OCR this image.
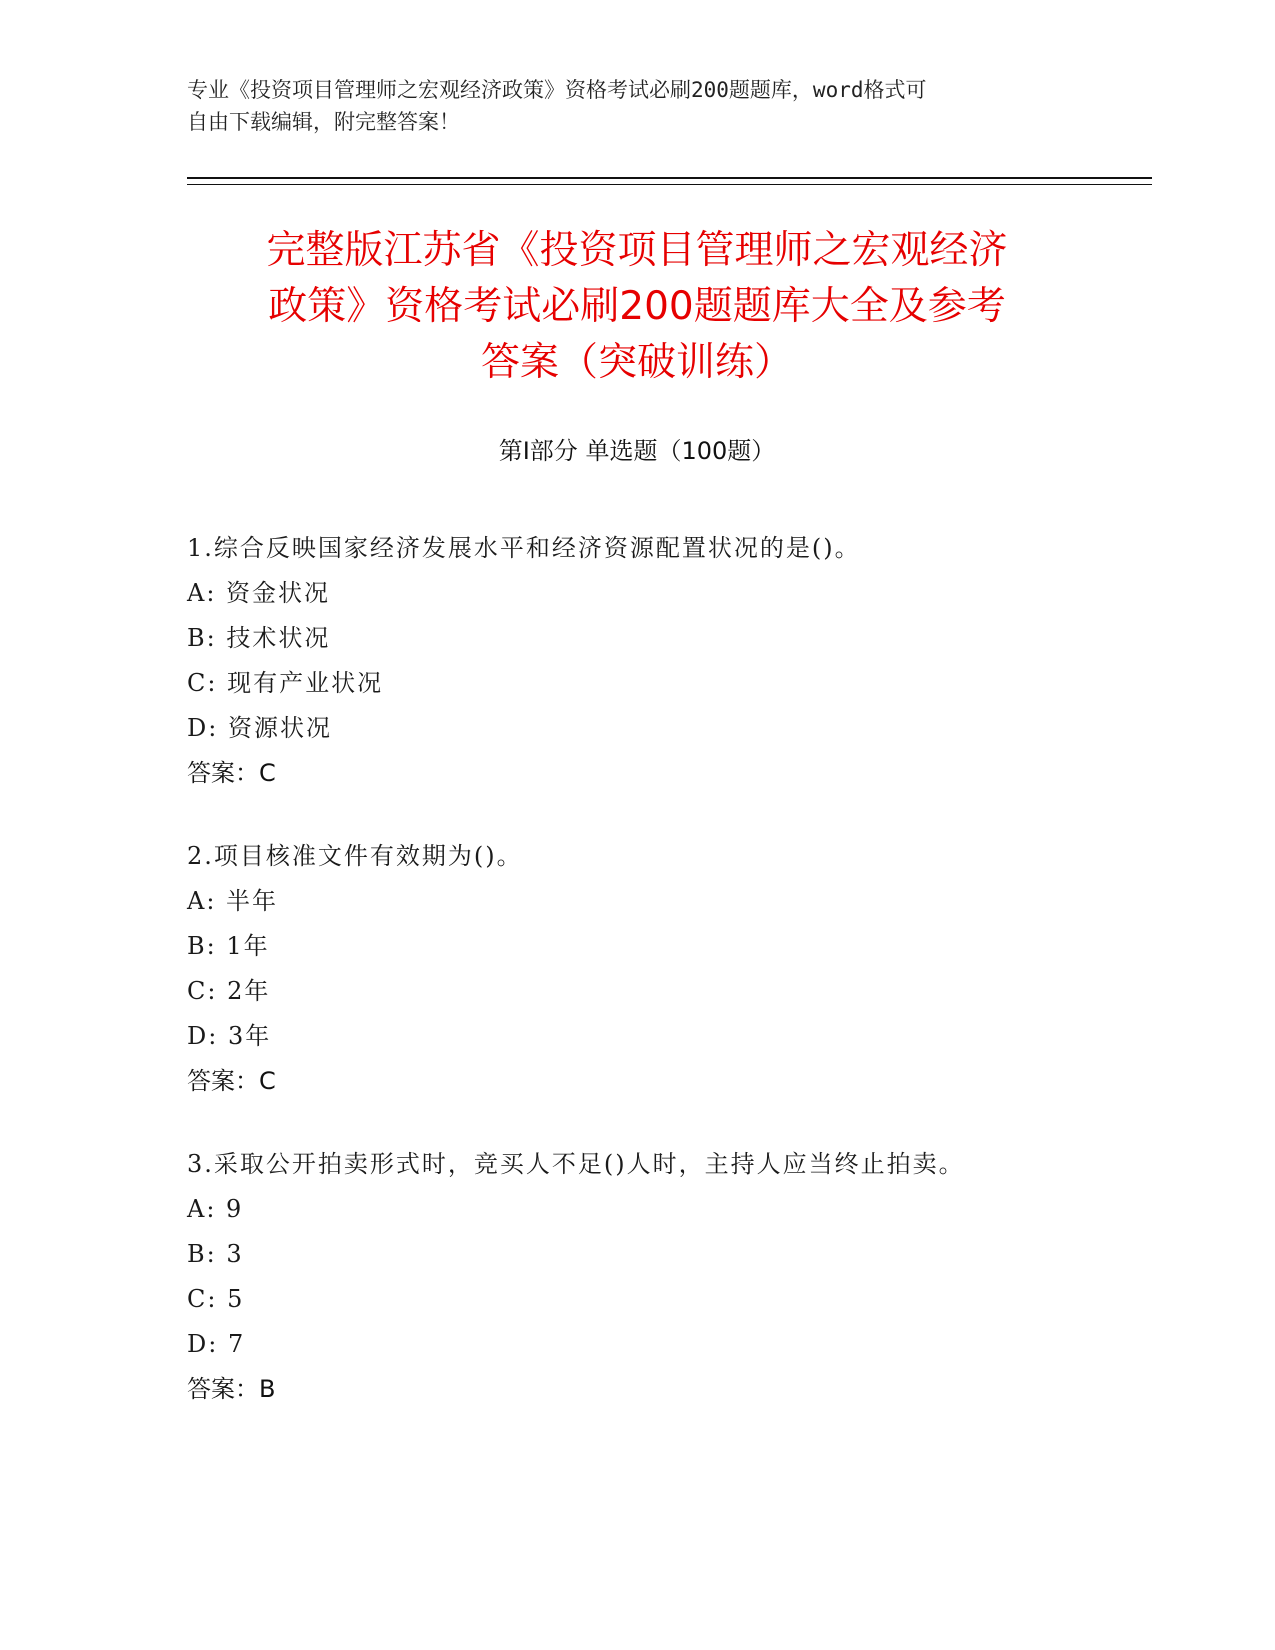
专业《投资项目管理师之宏观经济政策》资格考试必刷200题题库，word格式可
自由下载编辑，附完整答案！
完整版江苏省《投资项目管理师之宏观经济
政策》资格考试必刷200题题库大全及参考
答案（突破训练）
第Ⅰ部分 单选题（100题）
1.综合反映国家经济发展水平和经济资源配置状况的是()。
A: 资金状况
B: 技术状况
C: 现有产业状况
D: 资源状况
答案：C
2.项目核准文件有效期为()。
A: 半年
B: 1年
C: 2年
D: 3年
答案：C
3.采取公开拍卖形式时，竞买人不足()人时，主持人应当终止拍卖。
A: 9
B: 3
C: 5
D: 7
答案：B
